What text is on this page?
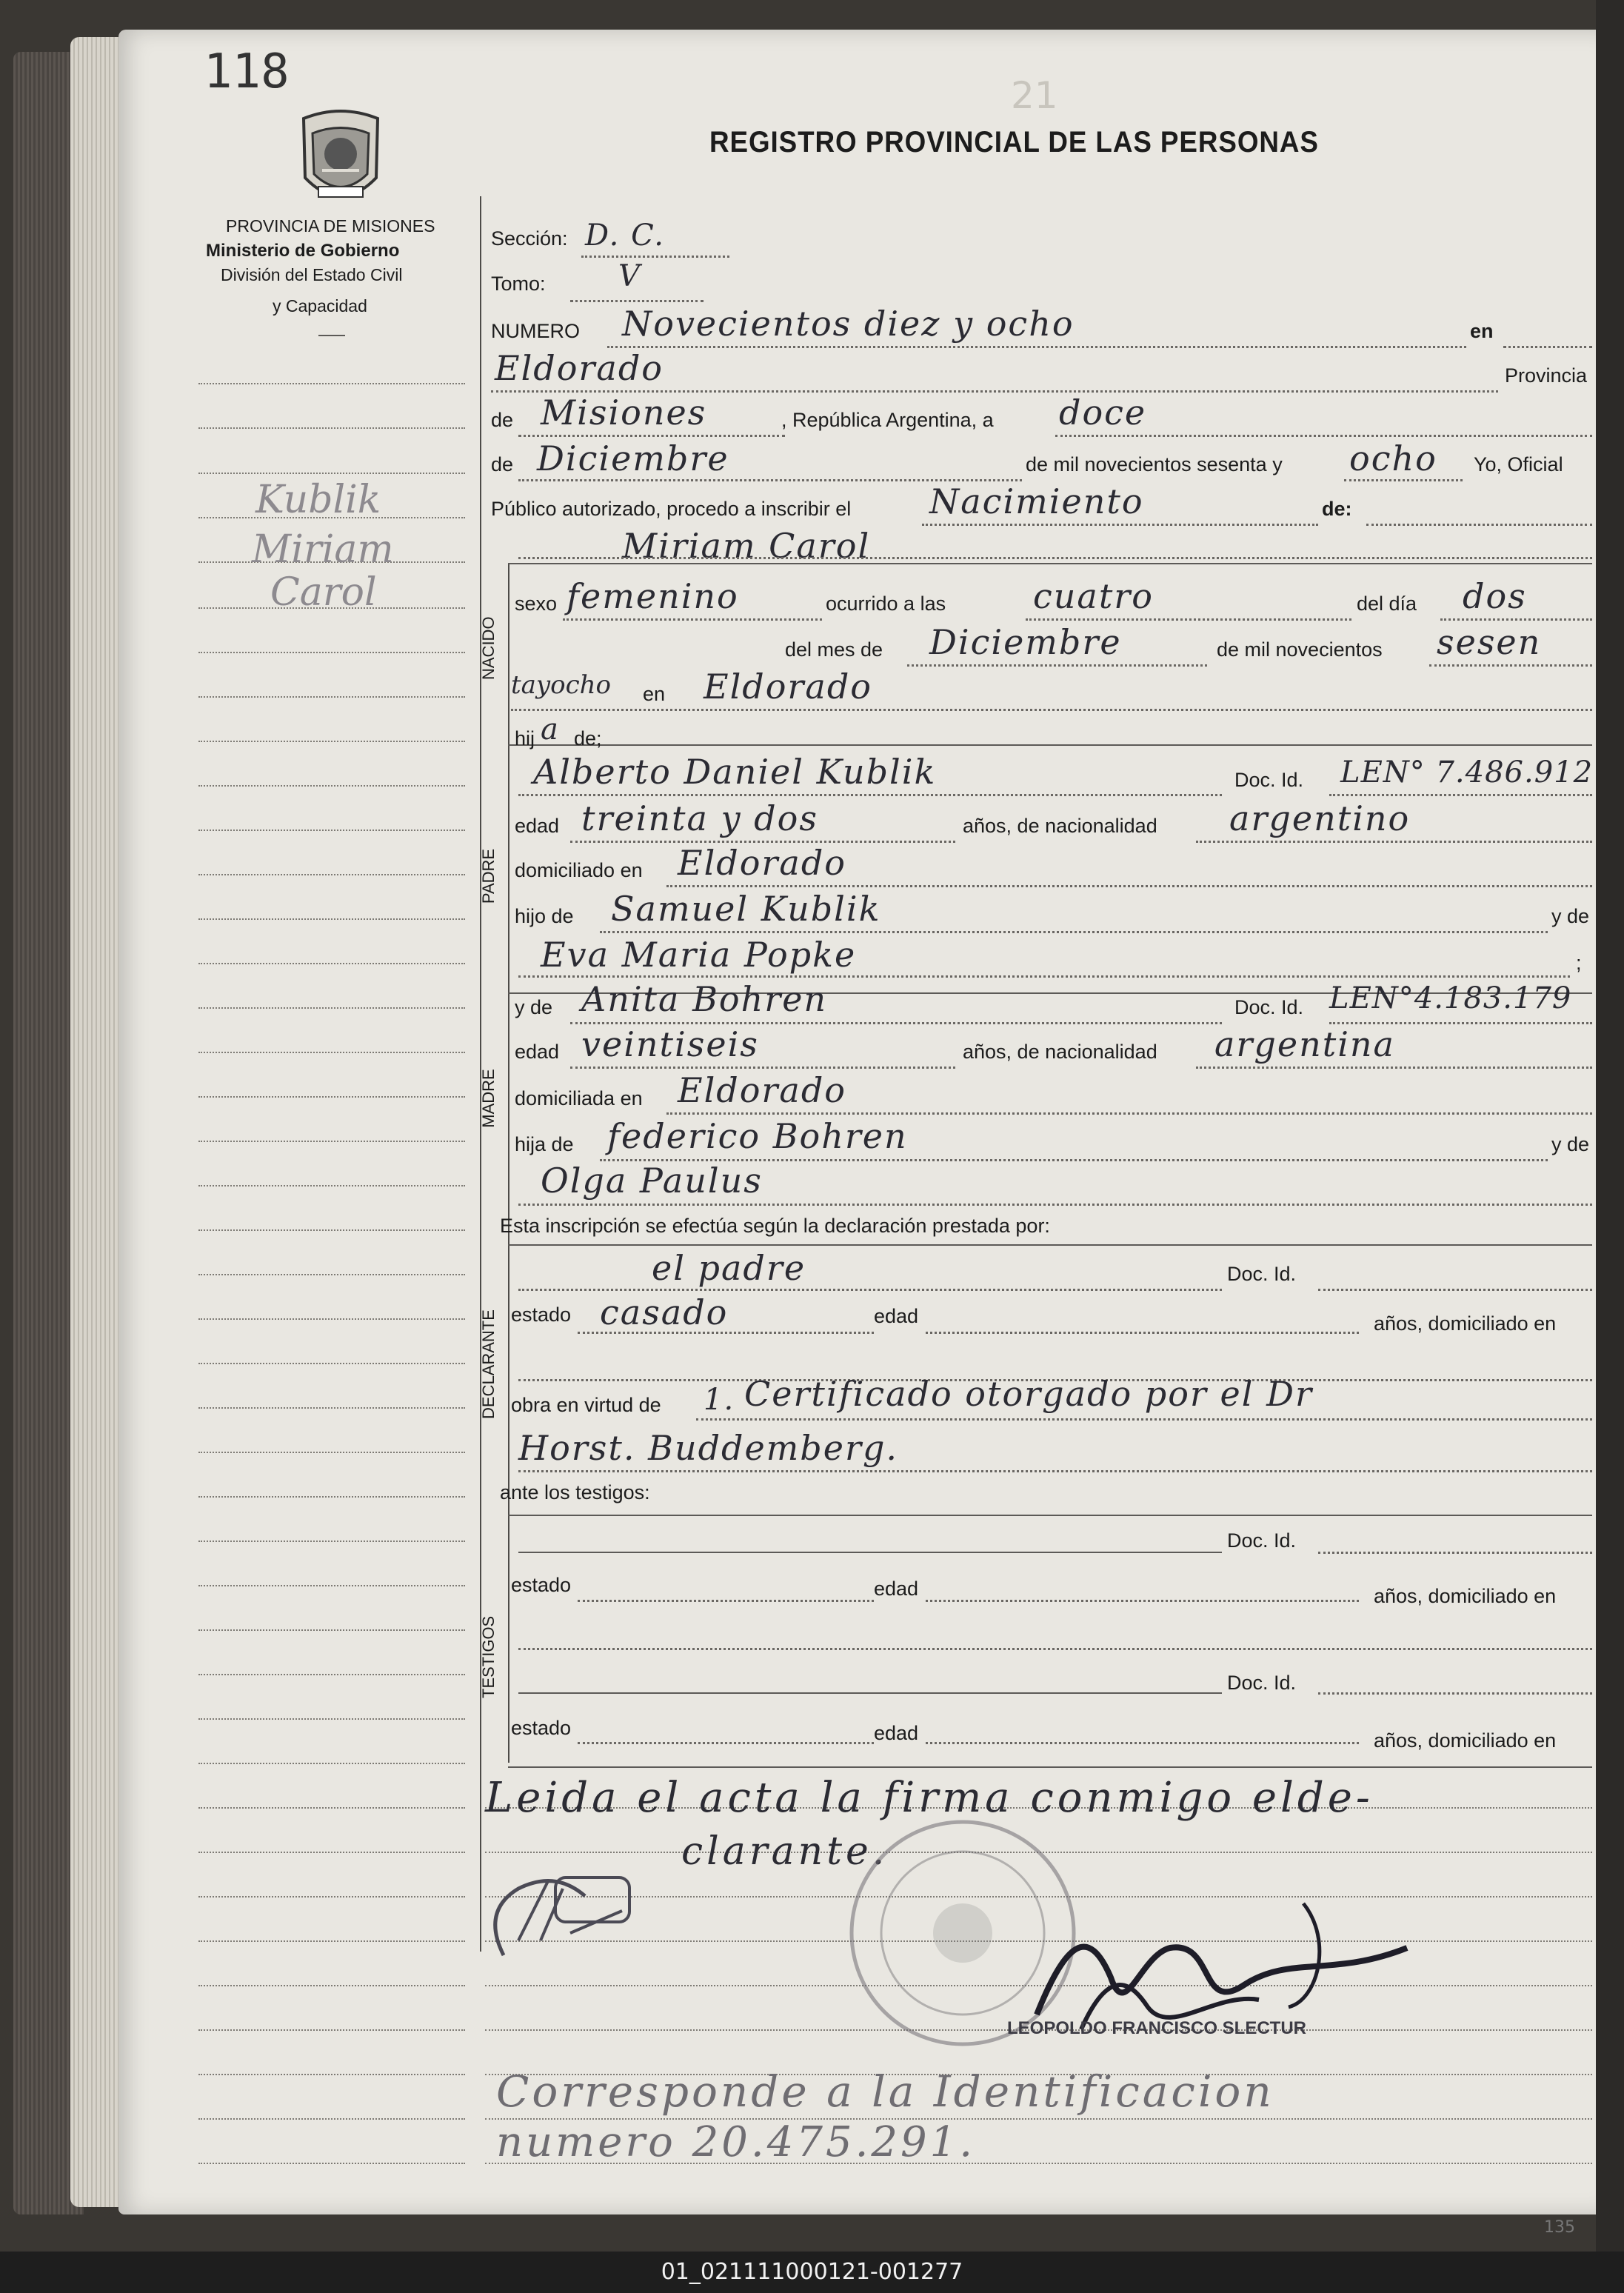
118	21
PROVINCIA DE MISIONES
Ministerio de Gobierno
División del Estado Civil
y Capacidad
REGISTRO PROVINCIAL DE LAS PERSONAS
Kublik
Miriam
Carol
NACIDO
PADRE
MADRE
DECLARANTE
TESTIGOS
Sección: D. C.
Tomo: V
NUMERO Novecientos diez y ocho	en
Eldorado	Provincia
de Misiones	, República Argentina, a doce
de Diciembre	de mil novecientos sesenta y ocho Yo, Oficial
Público autorizado, procedo a inscribir el Nacimiento	de:
Miriam Carol
sexo femenino	ocurrido a las	cuatro	del día dos
del mes de Diciembre	de mil novecientos sesen
tayocho en Eldorado
hij a de;
Alberto Daniel Kublik	Doc. Id. LEN° 7.486.912
edad treinta y dos	años, de nacionalidad argentino
domiciliado en Eldorado
hijo de Samuel Kublik	y de
Eva Maria Popke	;
y de Anita Bohren	Doc. Id. LEN°4.183.179
edad veintiseis	años, de nacionalidad argentina
domiciliada en Eldorado
hija de federico Bohren	y de
Olga Paulus
Esta inscripción se efectúa según la declaración prestada por:
el padre	Doc. Id.
estado casado	edad	años, domiciliado en
obra en virtud de 1. Certificado otorgado por el Dr
Horst. Buddemberg.
ante los testigos:
Doc. Id.
estado	edad	años, domiciliado en
Doc. Id.
estado	edad	años, domiciliado en
Leida el acta la firma conmigo elde-
clarante.
LEOPOLDO FRANCISCO SLECTUR
Corresponde a la Identificacion
numero 20.475.291.
135
01_021111000121-001277
